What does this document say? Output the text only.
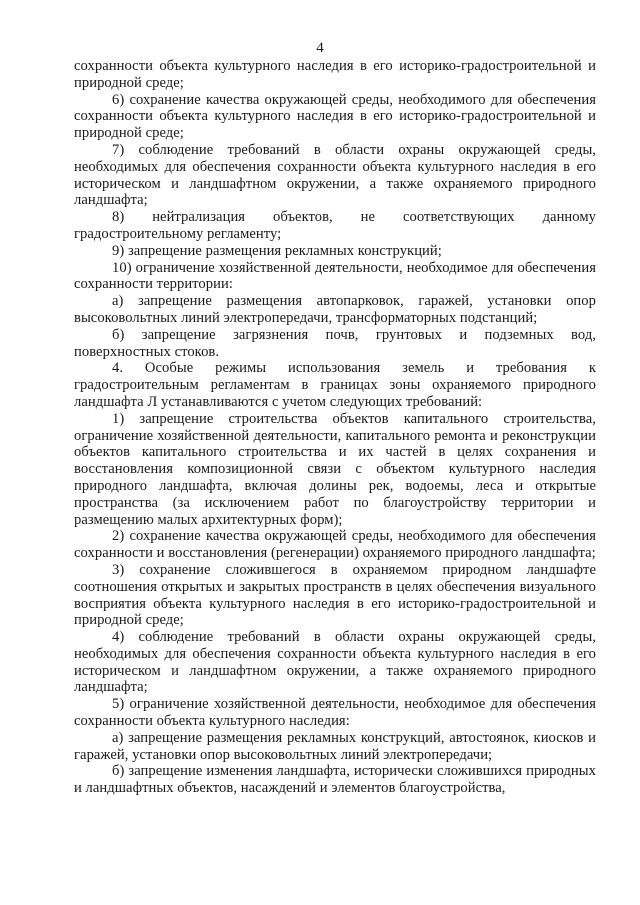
4

сохранности объекта культурного наследия в его историко-градостроительной и природной среде;

6) сохранение качества окружающей среды, необходимого для обеспечения сохранности объекта культурного наследия в его историко-градостроительной и природной среде;

7) соблюдение требований в области охраны окружающей среды, необходимых для обеспечения сохранности объекта культурного наследия в его историческом и ландшафтном окружении, а также охраняемого природного ландшафта;

8) нейтрализация объектов, не соответствующих данному градостроительному регламенту;

9) запрещение размещения рекламных конструкций;

10) ограничение хозяйственной деятельности, необходимое для обеспечения сохранности территории:

а) запрещение размещения автопарковок, гаражей, установки опор высоковольтных линий электропередачи, трансформаторных подстанций;

б) запрещение загрязнения почв, грунтовых и подземных вод, поверхностных стоков.

4. Особые режимы использования земель и требования к градостроительным регламентам в границах зоны охраняемого природного ландшафта Л устанавливаются с учетом следующих требований:

1) запрещение строительства объектов капитального строительства, ограничение хозяйственной деятельности, капитального ремонта и реконструкции объектов капитального строительства и их частей в целях сохранения и восстановления композиционной связи с объектом культурного наследия природного ландшафта, включая долины рек, водоемы, леса и открытые пространства (за исключением работ по благоустройству территории и размещению малых архитектурных форм);

2) сохранение качества окружающей среды, необходимого для обеспечения сохранности и восстановления (регенерации) охраняемого природного ландшафта;

3) сохранение сложившегося в охраняемом природном ландшафте соотношения открытых и закрытых пространств в целях обеспечения визуального восприятия объекта культурного наследия в его историко-градостроительной и природной среде;

4) соблюдение требований в области охраны окружающей среды, необходимых для обеспечения сохранности объекта культурного наследия в его историческом и ландшафтном окружении, а также охраняемого природного ландшафта;

5) ограничение хозяйственной деятельности, необходимое для обеспечения сохранности объекта культурного наследия:

а) запрещение размещения рекламных конструкций, автостоянок, киосков и гаражей, установки опор высоковольтных линий электропередачи;

б) запрещение изменения ландшафта, исторически сложившихся природных и ландшафтных объектов, насаждений и элементов благоустройства,
